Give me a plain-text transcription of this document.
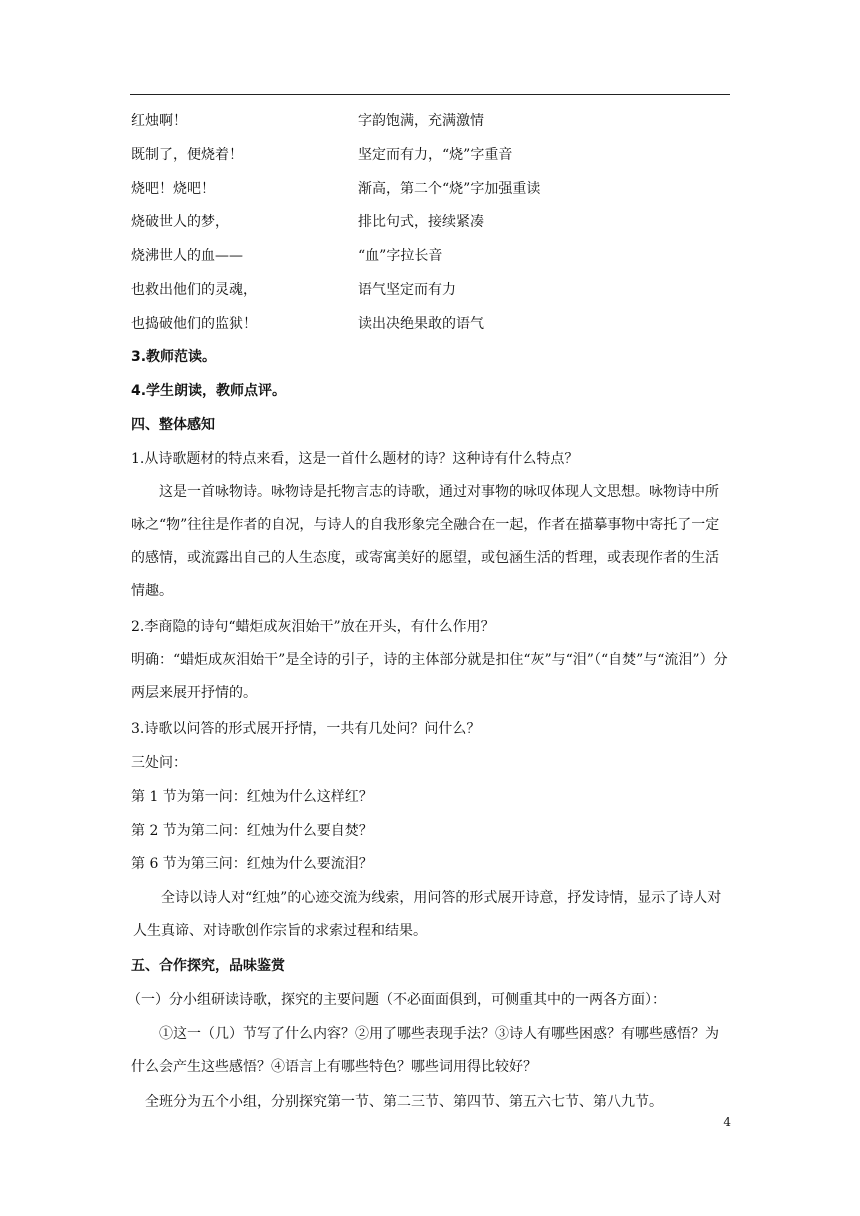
红烛啊！	字韵饱满，充满激情
既制了，便烧着！	坚定而有力，“烧”字重音
烧吧！烧吧！	渐高，第二个“烧”字加强重读
烧破世人的梦，	排比句式，接续紧凑
烧沸世人的血——	“血”字拉长音
也救出他们的灵魂，	语气坚定而有力
也捣破他们的监狱！	读出决绝果敢的语气
3.教师范读。
4.学生朗读，教师点评。
四、整体感知
1.从诗歌题材的特点来看，这是一首什么题材的诗？这种诗有什么特点？
这是一首咏物诗。咏物诗是托物言志的诗歌，通过对事物的咏叹体现人文思想。咏物诗中所咏之“物”往往是作者的自况，与诗人的自我形象完全融合在一起，作者在描摹事物中寄托了一定的感情，或流露出自己的人生态度，或寄寓美好的愿望，或包涵生活的哲理，或表现作者的生活情趣。
2.李商隐的诗句“蜡炬成灰泪始干”放在开头，有什么作用？
明确：“蜡炬成灰泪始干”是全诗的引子，诗的主体部分就是扣住“灰”与“泪”（“自焚”与“流泪”）分两层来展开抒情的。
3.诗歌以问答的形式展开抒情，一共有几处问？问什么？
三处问：
第 1 节为第一问：红烛为什么这样红？
第 2 节为第二问：红烛为什么要自焚？
第 6 节为第三问：红烛为什么要流泪？
全诗以诗人对“红烛”的心迹交流为线索，用问答的形式展开诗意，抒发诗情，显示了诗人对人生真谛、对诗歌创作宗旨的求索过程和结果。
五、合作探究，品味鉴赏
（一）分小组研读诗歌，探究的主要问题（不必面面俱到，可侧重其中的一两各方面）：
①这一（几）节写了什么内容？②用了哪些表现手法？③诗人有哪些困惑？有哪些感悟？为什么会产生这些感悟？④语言上有哪些特色？哪些词用得比较好？
全班分为五个小组，分别探究第一节、第二三节、第四节、第五六七节、第八九节。
4
